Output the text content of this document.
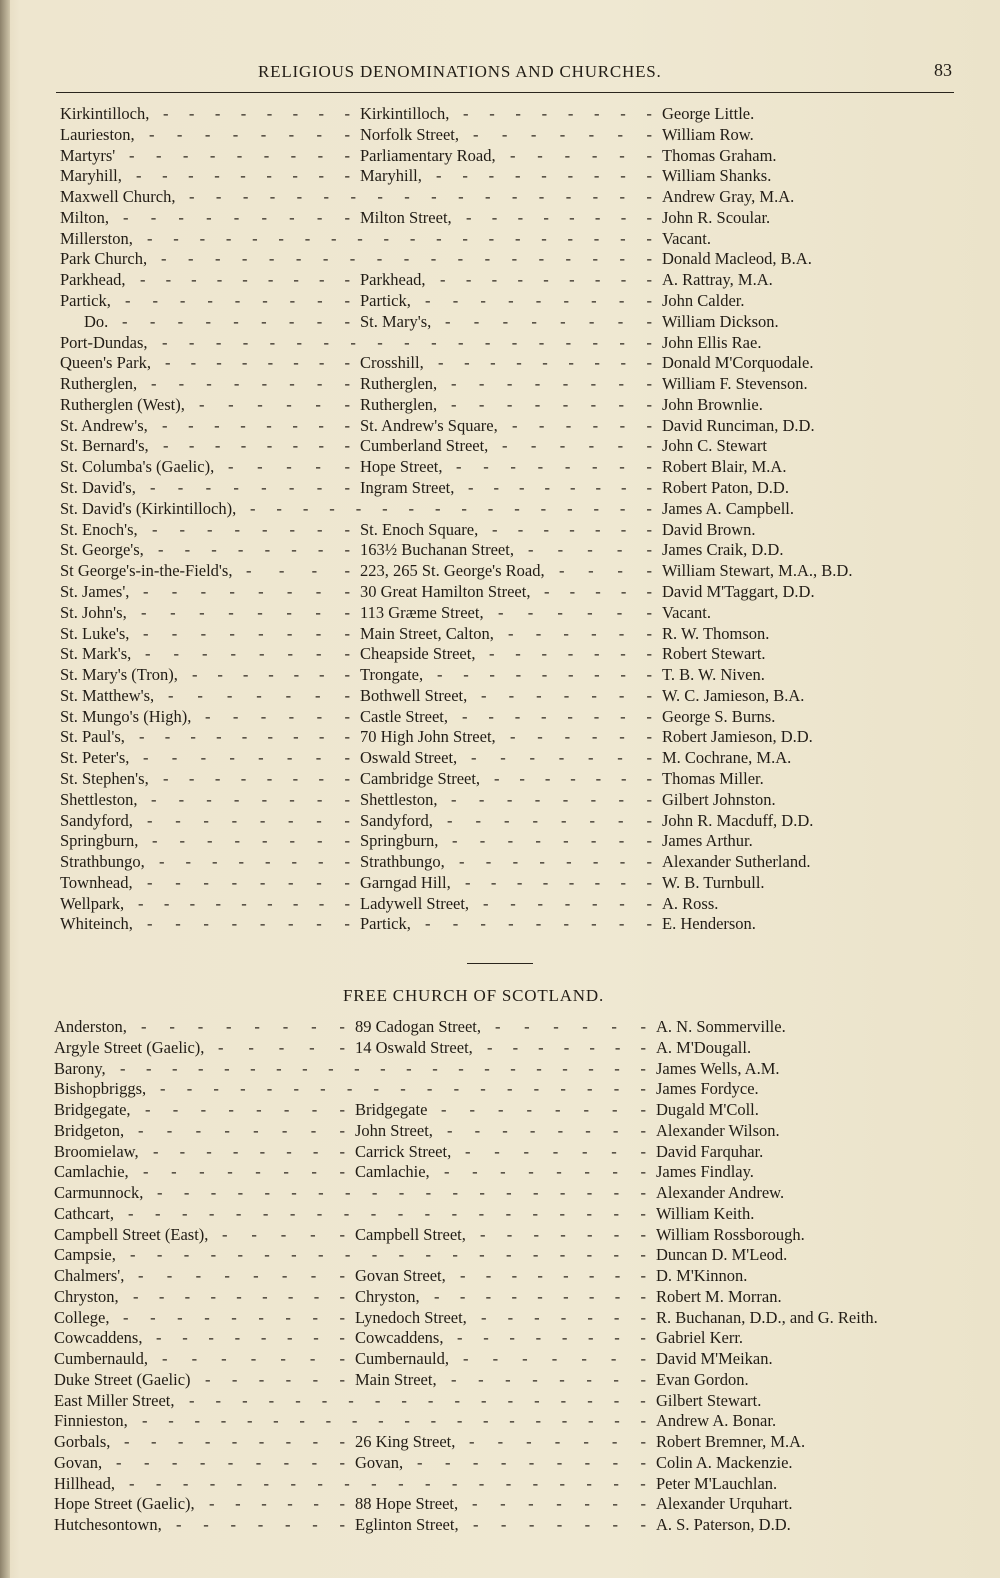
RELIGIOUS DENOMINATIONS AND CHURCHES.	83
Kirkintilloch,	Kirkintilloch,	George Little.
- - - - - - - -	- - - - - - - -
Laurieston,	Norfolk Street,	William Row.
- - - - - - - -	- - - - - - -
Martyrs'	Parliamentary Road,	Thomas Graham.
- - - - - - - - -	- - - - - -
Maryhill,	Maryhill,	William Shanks.
- - - - - - - - -	- - - - - - - - -
Maxwell Church,	Andrew Gray, M.A.
- - - - - - - - - - - - - - - - - -
Milton,	Milton Street,	John R. Scoular.
- - - - - - - - -	- - - - - - - -
Millerston,	Vacant.
- - - - - - - - - - - - - - - - - - - -
Park Church,	Donald Macleod, B.A.
- - - - - - - - - - - - - - - - - - -
Parkhead,	Parkhead,	A. Rattray, M.A.
- - - - - - - - -	- - - - - - - - -
Partick,	Partick,	John Calder.
- - - - - - - - -	- - - - - - - - -
Do.	St. Mary's,	William Dickson.
- - - - - - - - -	- - - - - - - -
Port-Dundas,	John Ellis Rae.
- - - - - - - - - - - - - - - - - - -
Queen's Park,	Crosshill,	Donald M'Corquodale.
- - - - - - - -	- - - - - - - - -
Rutherglen,	Rutherglen,	William F. Stevenson.
- - - - - - - -	- - - - - - - -
Rutherglen (West),	Rutherglen,	John Brownlie.
- - - - - -	- - - - - - - -
St. Andrew's,	St. Andrew's Square,	David Runciman, D.D.
- - - - - - - -	- - - - - -
St. Bernard's,	Cumberland Street,	John C. Stewart
- - - - - - - -	- - - - - -
St. Columba's (Gaelic),	Hope Street,	Robert Blair, M.A.
- - - - -	- - - - - - - -
St. David's,	Ingram Street,	Robert Paton, D.D.
- - - - - - - -	- - - - - - - -
St. David's (Kirkintilloch),	James A. Campbell.
- - - - - - - - - - - - - - - -
St. Enoch's,	St. Enoch Square,	David Brown.
- - - - - - - -	- - - - - - -
St. George's,	163½ Buchanan Street,	James Craik, D.D.
- - - - - - - -	- - - - -
St George's-in-the-Field's,	223, 265 St. George's Road,	William Stewart, M.A., B.D.
- - - -	- - - -
St. James',	30 Great Hamilton Street,	David M'Taggart, D.D.
- - - - - - - -	- - - - -
St. John's,	113 Græme Street,	Vacant.
- - - - - - - -	- - - - - -
St. Luke's,	Main Street, Calton,	R. W. Thomson.
- - - - - - - -	- - - - - -
St. Mark's,	Cheapside Street,	Robert Stewart.
- - - - - - - -	- - - - - - -
St. Mary's (Tron),	Trongate,	T. B. W. Niven.
- - - - - - -	- - - - - - - - -
St. Matthew's,	Bothwell Street,	W. C. Jamieson, B.A.
- - - - - - -	- - - - - - -
St. Mungo's (High),	Castle Street,	George S. Burns.
- - - - - -	- - - - - - - -
St. Paul's,	70 High John Street,	Robert Jamieson, D.D.
- - - - - - - - -	- - - - - -
St. Peter's,	Oswald Street,	M. Cochrane, M.A.
- - - - - - - -	- - - - - - -
St. Stephen's,	Cambridge Street,	Thomas Miller.
- - - - - - - -	- - - - - - -
Shettleston,	Shettleston,	Gilbert Johnston.
- - - - - - - -	- - - - - - - -
Sandyford,	Sandyford,	John R. Macduff, D.D.
- - - - - - - -	- - - - - - - -
Springburn,	Springburn,	James Arthur.
- - - - - - - -	- - - - - - - -
Strathbungo,	Strathbungo,	Alexander Sutherland.
- - - - - - - -	- - - - - - - -
Townhead,	Garngad Hill,	W. B. Turnbull.
- - - - - - - -	- - - - - - - -
Wellpark,	Ladywell Street,	A. Ross.
- - - - - - - - -	- - - - - - -
Whiteinch,	Partick,	E. Henderson.
- - - - - - - -	- - - - - - - - -
FREE CHURCH OF SCOTLAND.
Anderston,	89 Cadogan Street,	A. N. Sommerville.
- - - - - - - -	- - - - - -
Argyle Street (Gaelic),	14 Oswald Street,	A. M'Dougall.
- - - - -	- - - - - - -
Barony,	James Wells, A.M.
- - - - - - - - - - - - - - - - - - - - -
Bishopbriggs,	James Fordyce.
- - - - - - - - - - - - - - - - - - -
Bridgegate,	Bridgegate	Dugald M'Coll.
- - - - - - - -	- - - - - - - -
Bridgeton,	John Street,	Alexander Wilson.
- - - - - - - -	- - - - - - - -
Broomielaw,	Carrick Street,	David Farquhar.
- - - - - - - -	- - - - - - -
Camlachie,	Camlachie,	James Findlay.
- - - - - - - -	- - - - - - - -
Carmunnock,	Alexander Andrew.
- - - - - - - - - - - - - - - - - - -
Cathcart,	William Keith.
- - - - - - - - - - - - - - - - - - - -
Campbell Street (East),	Campbell Street,	William Rossborough.
- - - - -	- - - - - - -
Campsie,	Duncan D. M'Leod.
- - - - - - - - - - - - - - - - - - - -
Chalmers',	Govan Street,	D. M'Kinnon.
- - - - - - - -	- - - - - - - -
Chryston,	Chryston,	Robert M. Morran.
- - - - - - - - -	- - - - - - - - -
College,	Lynedoch Street,	R. Buchanan, D.D., and G. Reith.
- - - - - - - - -	- - - - - - -
Cowcaddens,	Cowcaddens,	Gabriel Kerr.
- - - - - - - -	- - - - - - - -
Cumbernauld,	Cumbernauld,	David M'Meikan.
- - - - - - -	- - - - - - -
Duke Street (Gaelic)	Main Street,	Evan Gordon.
- - - - - -	- - - - - - - -
East Miller Street,	Gilbert Stewart.
- - - - - - - - - - - - - - - - - -
Finnieston,	Andrew A. Bonar.
- - - - - - - - - - - - - - - - - - - -
Gorbals,	26 King Street,	Robert Bremner, M.A.
- - - - - - - - -	- - - - - - -
Govan,	Govan,	Colin A. Mackenzie.
- - - - - - - - -	- - - - - - - - -
Hillhead,	Peter M'Lauchlan.
- - - - - - - - - - - - - - - - - - - -
Hope Street (Gaelic),	88 Hope Street,	Alexander Urquhart.
- - - - - -	- - - - - - -
Hutchesontown,	Eglinton Street,	A. S. Paterson, D.D.
- - - - - - -	- - - - - - -
